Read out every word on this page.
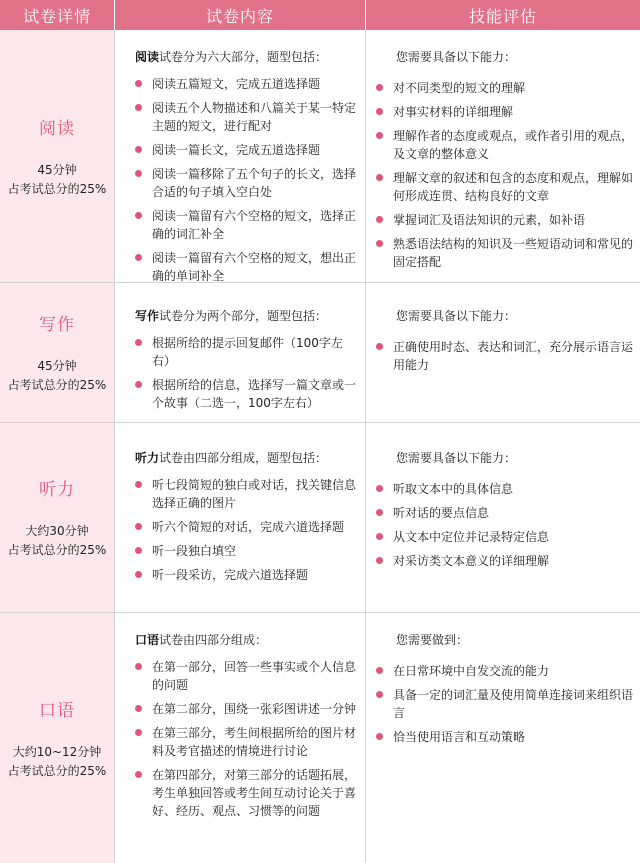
试卷详情	试卷内容	技能评估
阅读
45分钟
占考试总分的25%
阅读试卷分为六大部分，题型包括：
阅读五篇短文，完成五道选择题
阅读五个人物描述和八篇关于某一特定主题的短文，进行配对
阅读一篇长文，完成五道选择题
阅读一篇移除了五个句子的长文，选择合适的句子填入空白处
阅读一篇留有六个空格的短文，选择正确的词汇补全
阅读一篇留有六个空格的短文，想出正确的单词补全
您需要具备以下能力：
对不同类型的短文的理解
对事实材料的详细理解
理解作者的态度或观点，或作者引用的观点，及文章的整体意义
理解文章的叙述和包含的态度和观点，理解如何形成连贯、结构良好的文章
掌握词汇及语法知识的元素，如补语
熟悉语法结构的知识及一些短语动词和常见的固定搭配
写作
45分钟
占考试总分的25%
写作试卷分为两个部分，题型包括：
根据所给的提示回复邮件（100字左右）
根据所给的信息，选择写一篇文章或一个故事（二选一，100字左右）
您需要具备以下能力：
正确使用时态、表达和词汇，充分展示语言运用能力
听力
大约30分钟
占考试总分的25%
听力试卷由四部分组成，题型包括：
听七段简短的独白或对话，找关键信息选择正确的图片
听六个简短的对话，完成六道选择题
听一段独白填空
听一段采访，完成六道选择题
您需要具备以下能力：
听取文本中的具体信息
听对话的要点信息
从文本中定位并记录特定信息
对采访类文本意义的详细理解
口语
大约10~12分钟
占考试总分的25%
口语试卷由四部分组成：
在第一部分，回答一些事实或个人信息的问题
在第二部分，围绕一张彩图讲述一分钟
在第三部分，考生间根据所给的图片材料及考官描述的情境进行讨论
在第四部分，对第三部分的话题拓展，考生单独回答或考生间互动讨论关于喜好、经历、观点、习惯等的问题
您需要做到：
在日常环境中自发交流的能力
具备一定的词汇量及使用简单连接词来组织语言
恰当使用语言和互动策略
